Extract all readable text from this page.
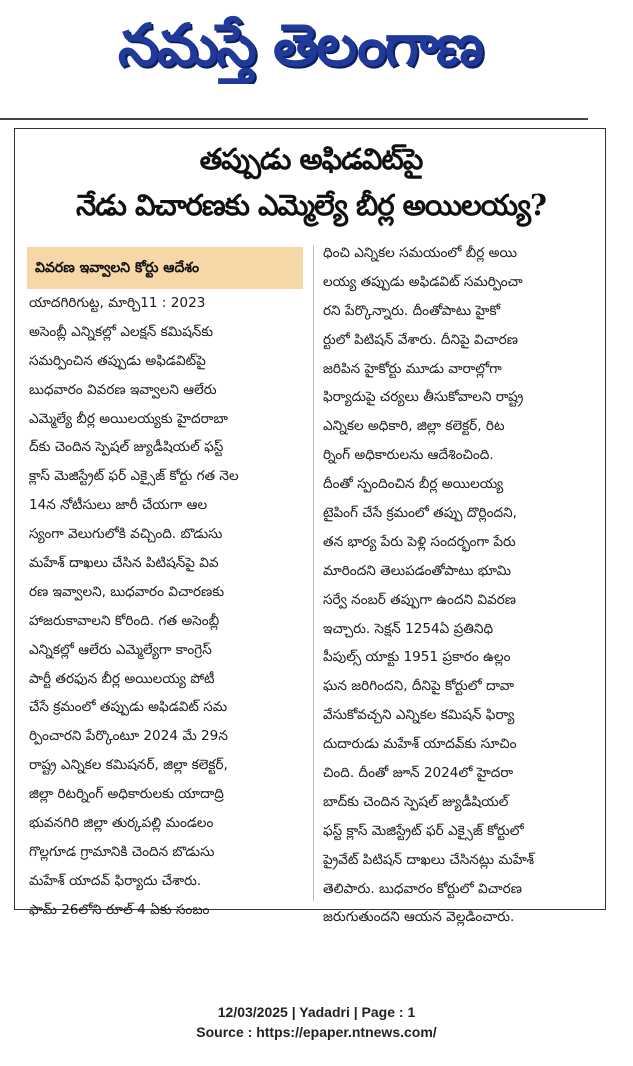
నమస్తే తెలంగాణ
తప్పుడు అఫిడవిట్‌పై
నేడు విచారణకు ఎమ్మెల్యే బీర్ల అయిలయ్య?
వివరణ ఇవ్వాలని కోర్టు ఆదేశం
యాదగిరిగుట్ట, మార్చి11 : 2023
అసెంబ్లీ ఎన్నికల్లో ఎలక్షన్ కమిషన్‌కు
సమర్పించిన తప్పుడు అఫిడవిట్‌పై
బుధవారం వివరణ ఇవ్వాలని ఆలేరు
ఎమ్మెల్యే బీర్ల అయిలయ్యకు హైదరాబా
ద్‌కు చెందిన స్పెషల్ జ్యుడీషియల్ ఫస్ట్
క్లాస్ మెజిస్ట్రేట్ ఫర్ ఎక్సైజ్ కోర్టు గత నెల
14న నోటీసులు జారీ చేయగా ఆల
స్యంగా వెలుగులోకి వచ్చింది. బొడుసు
మహేశ్ దాఖలు చేసిన పిటిషన్‌పై వివ
రణ ఇవ్వాలని, బుధవారం విచారణకు
హాజరుకావాలని కోరింది. గత అసెంబ్లీ
ఎన్నికల్లో ఆలేరు ఎమ్మెల్యేగా కాంగ్రెస్
పార్టీ తరఫున బీర్ల అయిలయ్య పోటీ
చేసే క్రమంలో తప్పుడు అఫిడవిట్ సమ
ర్పించారని పేర్కొంటూ 2024 మే 29న
రాష్ట్ర ఎన్నికల కమిషనర్, జిల్లా కలెక్టర్,
జిల్లా రిటర్నింగ్ అధికారులకు యాదాద్రి
భువనగిరి జిల్లా తుర్కపల్లి మండలం
గొల్లగూడ గ్రామానికి చెందిన బొడుసు
మహేశ్ యాదవ్ ఫిర్యాదు చేశారు.
ఫామ్ 26లోని రూల్ 4 ఏకు సంబం
ధించి ఎన్నికల సమయంలో బీర్ల అయి
లయ్య తప్పుడు అఫిడవిట్ సమర్పించా
రని పేర్కొన్నారు. దీంతోపాటు హైకో
ర్టులో పిటిషన్ వేశారు. దీనిపై విచారణ
జరిపిన హైకోర్టు మూడు వారాల్లోగా
ఫిర్యాదుపై చర్యలు తీసుకోవాలని రాష్ట్ర
ఎన్నికల అధికారి, జిల్లా కలెక్టర్, రిట
ర్నింగ్ అధికారులను ఆదేశించింది.
దీంతో స్పందించిన బీర్ల అయిలయ్య
టైపింగ్ చేసే క్రమంలో తప్పు దొర్లిందని,
తన భార్య పేరు పెళ్లి సందర్భంగా పేరు
మారిందని తెలుపడంతోపాటు భూమి
సర్వే నంబర్ తప్పుగా ఉందని వివరణ
ఇచ్చారు. సెక్షన్ 1254ఏ ప్రతినిధి
పీపుల్స్ యాక్టు 1951 ప్రకారం ఉల్లం
ఘన జరిగిందని, దీనిపై కోర్టులో దావా
వేసుకోవచ్చని ఎన్నికల కమిషన్ ఫిర్యా
దుదారుడు మహేశ్ యాదవ్‌కు సూచిం
చింది. దీంతో జూన్ 2024లో హైదరా
బాద్‌కు చెందిన స్పెషల్ జ్యుడీషియల్
ఫస్ట్ క్లాస్ మెజిస్ట్రేట్ ఫర్ ఎక్సైజ్ కోర్టులో
ప్రైవేట్ పిటిషన్ దాఖలు చేసినట్లు మహేశ్
తెలిపారు. బుధవారం కోర్టులో విచారణ
జరుగుతుందని ఆయన వెల్లడించారు.
12/03/2025 | Yadadri | Page : 1
Source : https://epaper.ntnews.com/
